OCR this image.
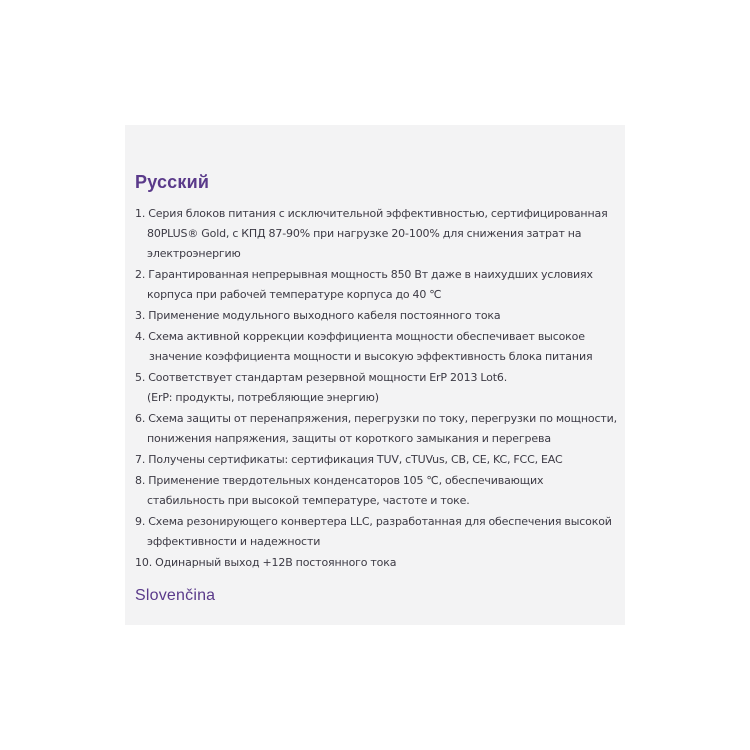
Русский
1. Серия блоков питания с исключительной эффективностью, сертифицированная
80PLUS® Gold, с КПД 87-90% при нагрузке 20-100% для снижения затрат на
электроэнергию
2. Гарантированная непрерывная мощность 850 Вт даже в наихудших условиях
корпуса при рабочей температуре корпуса до 40 ℃
3. Применение модульного выходного кабеля постоянного тока
4. Схема активной коррекции коэффициента мощности обеспечивает высокое
значение коэффициента мощности и высокую эффективность блока питания
5. Соответствует стандартам резервной мощности ErP 2013 Lot6.
(ErP: продукты, потребляющие энергию)
6. Схема защиты от перенапряжения, перегрузки по току, перегрузки по мощности,
понижения напряжения, защиты от короткого замыкания и перегрева
7. Получены сертификаты: сертификация TUV, cTUVus, CB, CE, KC, FCC, EAC
8. Применение твердотельных конденсаторов 105 ℃, обеспечивающих
стабильность при высокой температуре, частоте и токе.
9. Схема резонирующего конвертера LLC, разработанная для обеспечения высокой
эффективности и надежности
10. Одинарный выход +12В постоянного тока
Slovenčina
